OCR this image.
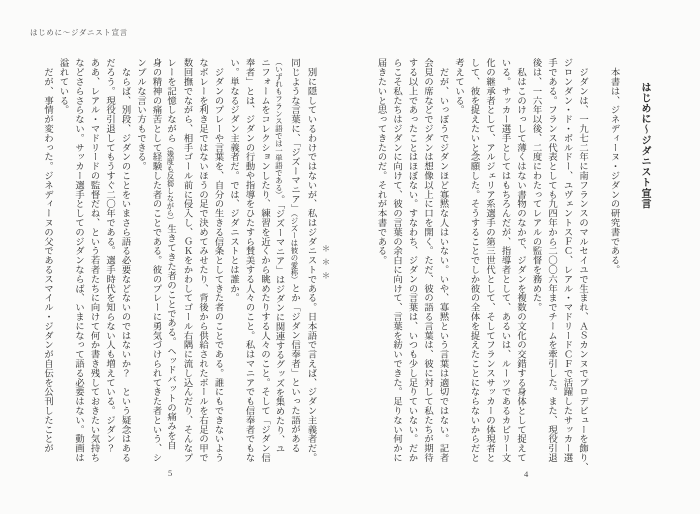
はじめに〜ジダニスト宣言
　本書は、ジネディーヌ・ジダンの研究書である。
　ジダンは、一九七二年に南フランスのマルセイユで生まれ、ＡＳカンヌでプロデビューを飾り、
ジロンダン・ド・ボルドー、ユヴェントスＦＣ、レアル・マドリードＣＦで活躍したサッカー選
手である。フランス代表としても九四年から二〇〇六年までチームを牽引した。また、現役引退
後は、一六年以後、二度にわたってレアルの監督を務めた。
　私はこのけっして薄くはない書物のなかで、ジダンを複数の文化の交錯する身体として捉えて
いる。サッカー選手としてはもちろんだが、指導者として、あるいは、ルーツであるカビリー文
化の継承者として、アルジェリア系選手の第三世代として、そしてフランスサッカーの体現者と
して、彼を捉えたいと念願した。そうすることでしか彼の全体を捉えたことにならないからだと
考えている。
　だが、いっぽうでジダンほど寡黙な人はいない。いや、寡黙という言葉は適切ではない。記者
会見の席などでジダンは想像以上に口を開く。ただ、彼の語る言葉は、彼に対して私たちが期待
する以上であったことはほぼない。すなわち、ジダンの言葉は、いつも少し足りていない。だか
らこそ私たちはジダンに向けて、彼の言葉の余白に向けて、言葉を紡いできた。足りない何かに
届きたいと思ってきたのだ。それが本書である。
＊＊＊
　別に隠しているわけではないが、私はジダニストである。日本語で言えば、ジダン主義者だ。
同じような言葉に、「ジズーマニア」（ジズーは彼の愛称）とか「ジダン信奉者」といった語がある
（いずれもフランス語では一単語である）。「ジズーマニア」はジダンに関連するグッズを集めたり、ユ
ニフォームをコレクションしたり、練習を近くから眺めたりする人々のこと。そして「ジダン信
奉者」とは、ジダンの行動や指導をひたすら賛美する人々のこと。私はマニアでも信奉者でもな
い。単なるジダン主義者だ。では、ジダニストとは誰か。
　ジダンのプレーや言葉を、自分の生きる信条としてきた者のことである。誰にもできないよう
なボレーを利き足ではないほうの足で決めてみせたり、背後から供給されたボールを右足の甲で
数回撫でながら、相手ゴール前に侵入し、ＧＫをかわしてゴール右隅に流し込んだり、そんなプ
レーを記憶しながら（幾度も反芻しながら）生きてきた者のことである。ヘッドバットの痛みを自
身の精神の痛苦として経験した者のことである。彼のプレーに勇気づけられてきた者という、シ
ンプルな言い方もできる。
　ならば、別段、ジダンのことをいまさら語る必要などないのではないか？　という疑念はある
だろう。現役引退してもうすぐ二〇年である。選手時代を知らない人も増えている。ジダン？
ああ、レアル・マドリードの監督だね、という若者たちに向けて何か書き残しておきたい気持ち
などさらさらない。サッカー選手としてのジダンならば、いまになって語る必要はない。動画は
溢れている。
　だが、事情が変わった。ジネディーヌの父であるスマイル・ジダンが自伝を公刊したことが
はじめに〜ジダニスト宣言
4
5
